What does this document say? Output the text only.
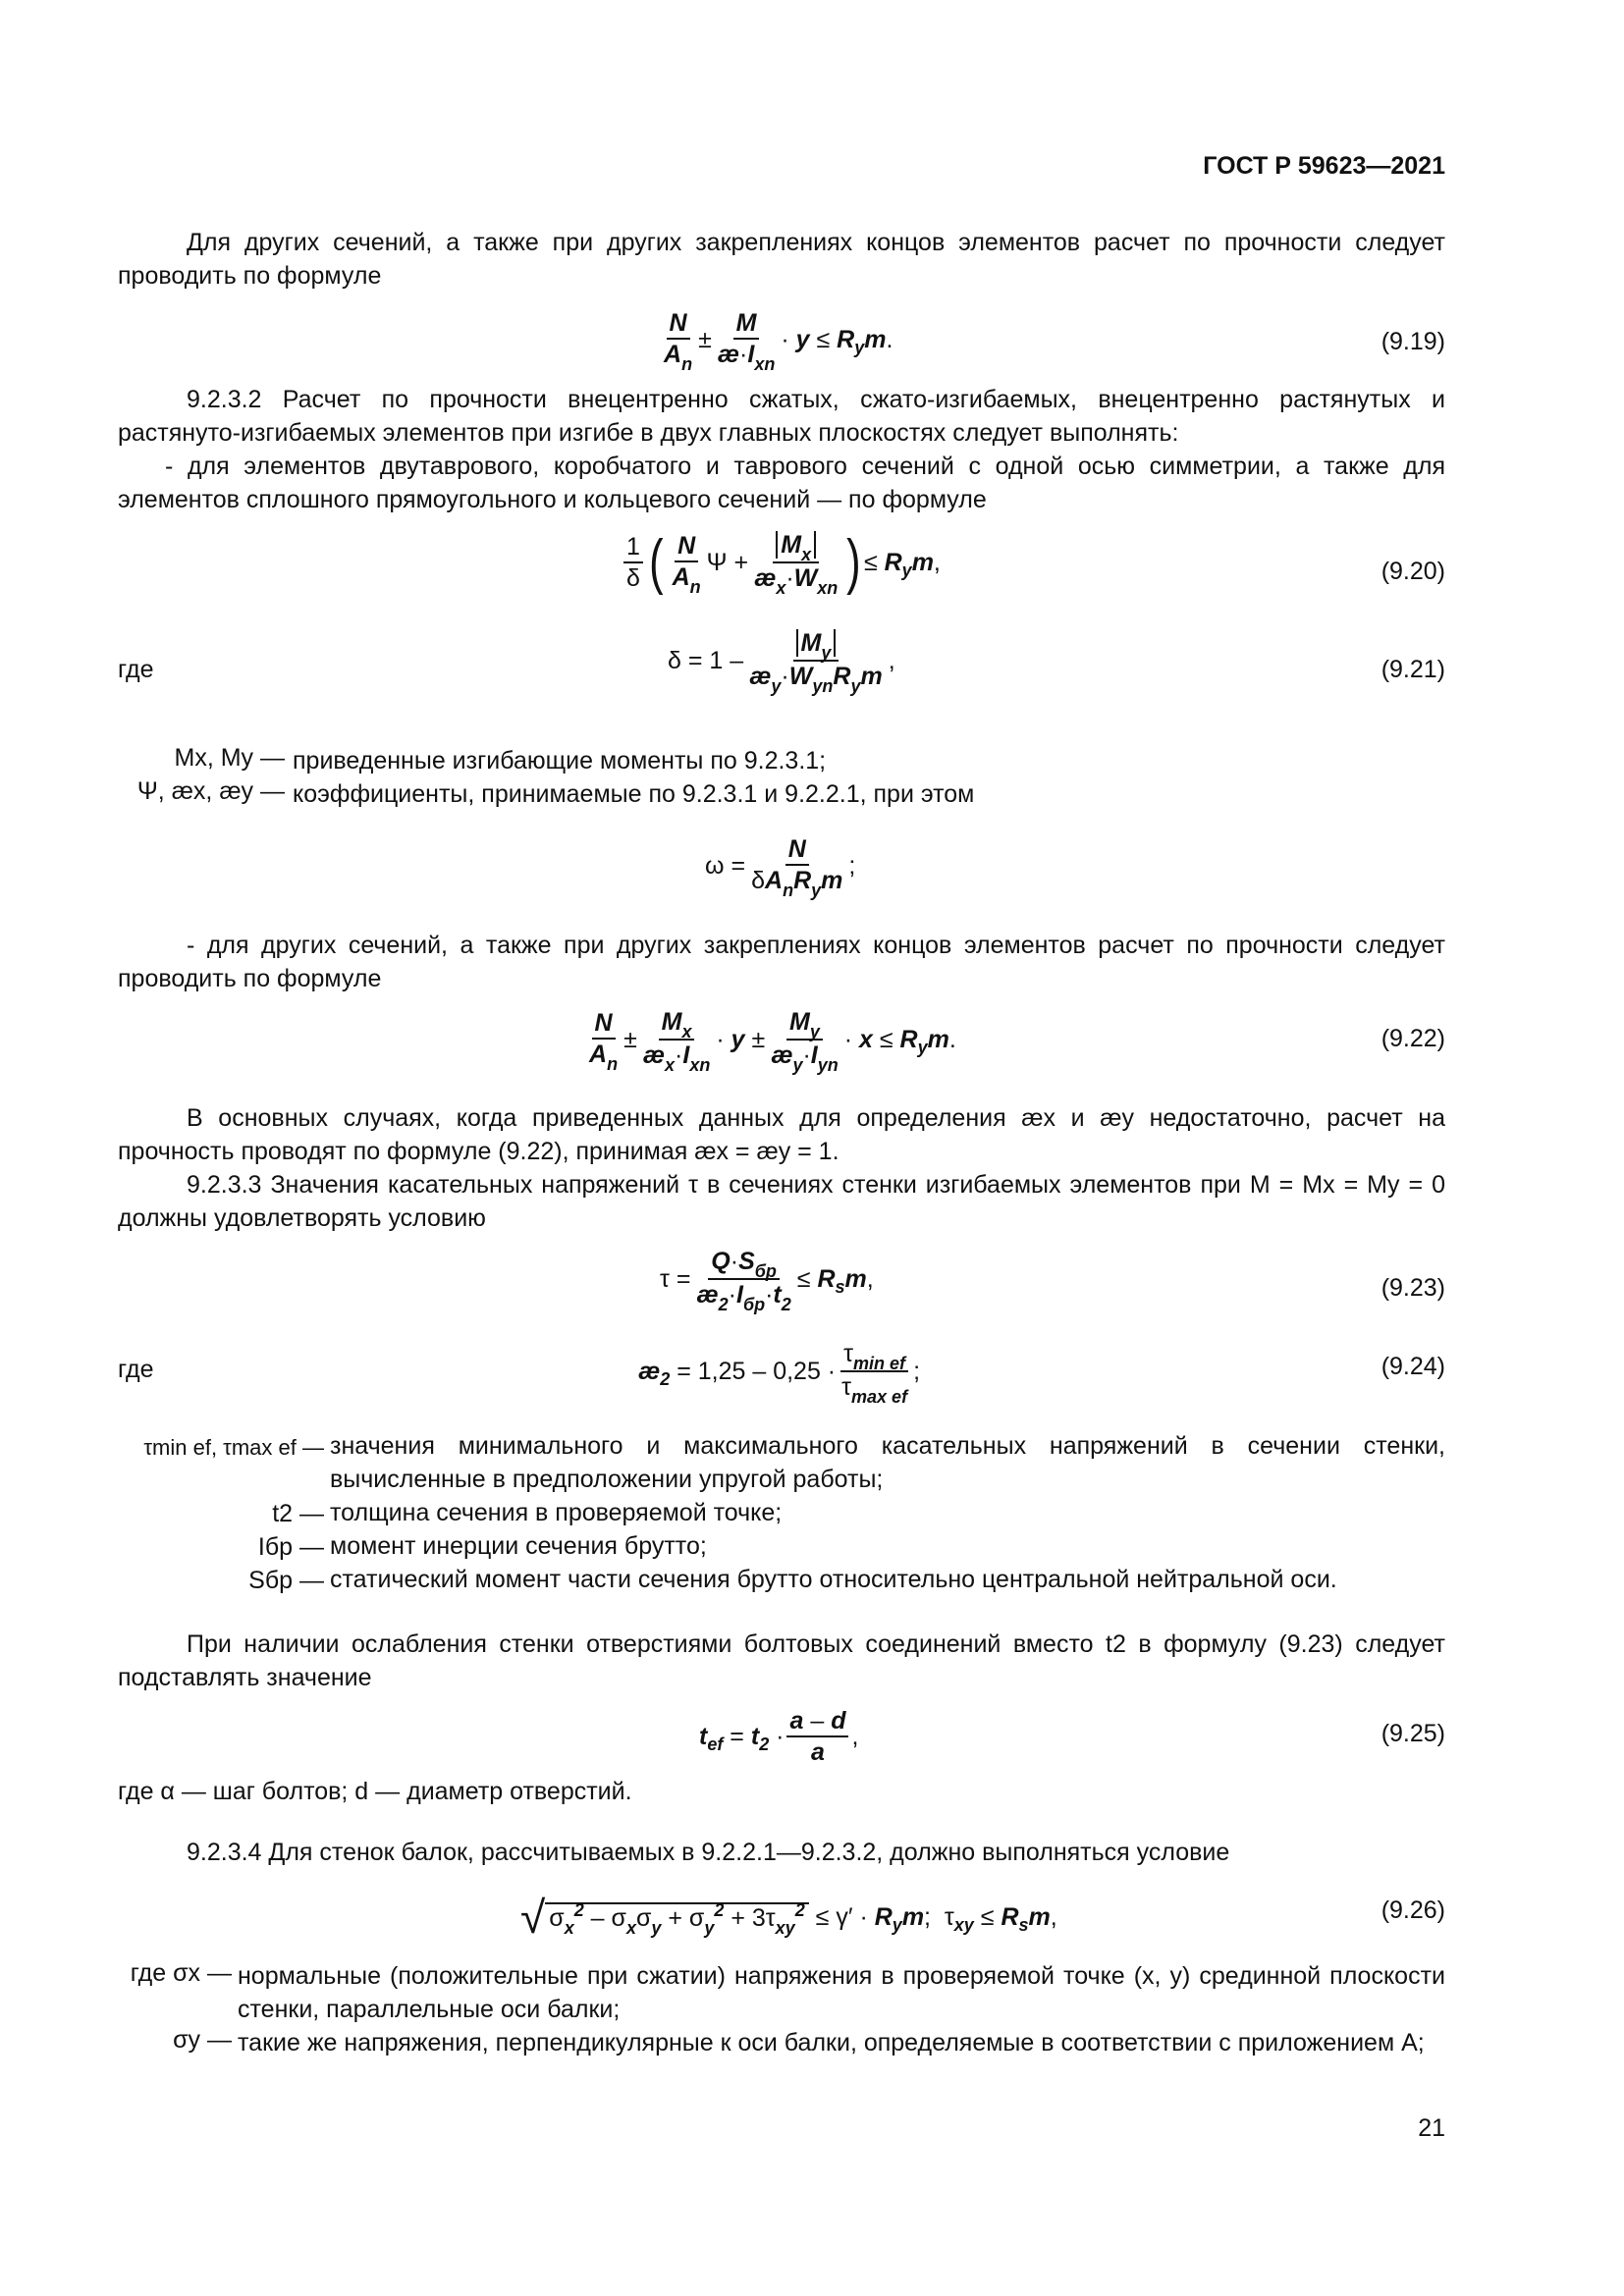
ГОСТ Р 59623—2021
Для других сечений, а также при других закреплениях концов элементов расчет по прочности следует проводить по формуле
$\frac{N}{A_n} \pm \frac{M}{æ\cdot I_{xn}} \cdot y \le R$ y m .	(9.19)
9.2.3.2 Расчет по прочности внецентренно сжатых, сжато-изгибаемых, внецентренно растянутых и растянуто-изгибаемых элементов при изгибе в двух главных плоскостях следует выполнять:
- для элементов двутаврового, коробчатого и таврового сечений с одной осью симметрии, а также для элементов сплошного прямоугольного и кольцевого сечений — по формуле
$\frac{1}{\delta}$ ( $\frac{N}{A_n}$ $\Psi + \frac{M_x}{æ_x\cdot W_{xn}}$ ) ≤ R y m ,	(9.20)
где	$\delta = 1 - \frac{M_y}{æ_y\cdot W_{yn}R_ym}$ ,	(9.21)
Mx, My — приведенные изгибающие моменты по 9.2.3.1;
Ψ, æx, æy — коэффициенты, принимаемые по 9.2.3.1 и 9.2.2.1, при этом
$\omega = \frac{N}{\delta A_nR_ym}$ ;
- для других сечений, а также при других закреплениях концов элементов расчет по прочности следует проводить по формуле
$\frac{N}{A_n} \pm \frac{M_x}{æ_x\cdot I_{xn}} \cdot y \pm \frac{M_y}{æ_y\cdot I_{yn}} \cdot x \le R$ y m .	(9.22)
В основных случаях, когда приведенных данных для определения æx и æy недостаточно, расчет на прочность проводят по формуле (9.22), принимая æx = æy = 1.
9.2.3.3 Значения касательных напряжений τ в сечениях стенки изгибаемых элементов при M = Mx = My = 0 должны удовлетворять условию
$\tau = \frac{Q\cdot S_{бр}}{æ_2\cdot I_{бр}\cdot t_2} \le R$ s m ,	(9.23)
где	æ 2
= $1,25 - 0,25 \cdot \frac{\tau_{min ef}}{\tau_{max ef}}$ ;	(9.24)
τmin ef, τmax ef — значения минимального и максимального касательных напряжений в сечении стенки, вычисленные в предположении упругой работы;
t2 — толщина сечения в проверяемой точке;
Iбр — момент инерции сечения брутто;
Sбр — статический момент части сечения брутто относительно центральной нейтральной оси.
При наличии ослабления стенки отверстиями болтовых соединений вместо t2 в формулу (9.23) следует подставлять значение
t ef
= t 2
· $\frac{a - d}{a}$ ,	(9.25)
где α — шаг болтов; d — диаметр отверстий.
9.2.3.4 Для стенок балок, рассчитываемых в 9.2.2.1—9.2.3.2, должно выполняться условие
√ $\sigma_x^2 - \sigma_x\sigma_y + \sigma_y^2 + 3\tau_{xy}^2$
≤ γ′ · R y m ;
τ xy
≤ R s m ,	(9.26)
где σx — нормальные (положительные при сжатии) напряжения в проверяемой точке (x, y) срединной плоскости стенки, параллельные оси балки;
σy — такие же напряжения, перпендикулярные к оси балки, определяемые в соответствии с приложением А;
21
